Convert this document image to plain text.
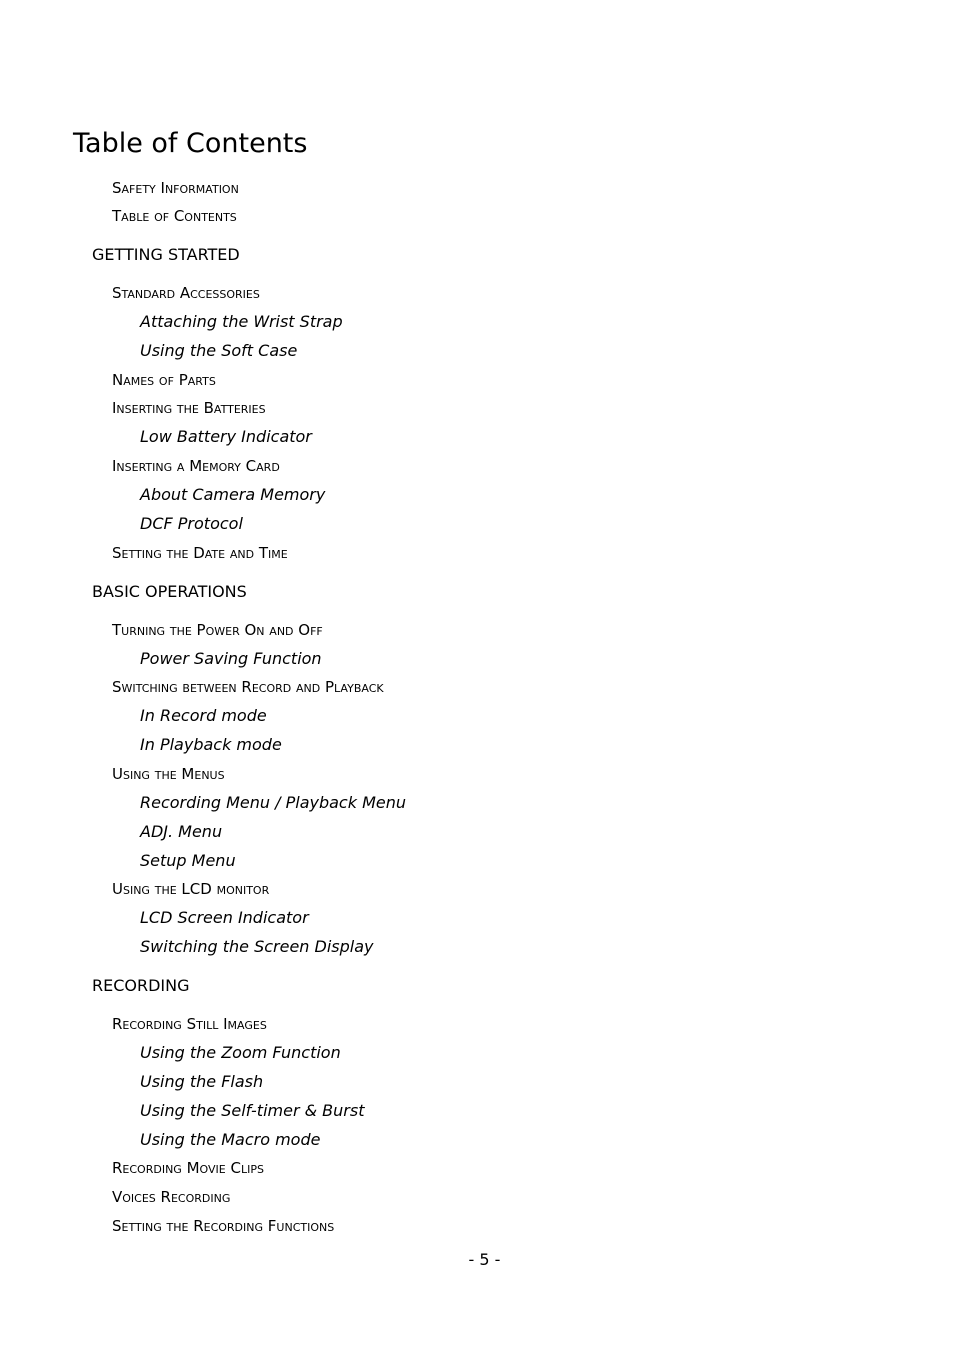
Table of Contents
Safety Information
Table of Contents
GETTING STARTED
Standard Accessories
Attaching the Wrist Strap
Using the Soft Case
Names of Parts
Inserting the Batteries
Low Battery Indicator
Inserting a Memory Card
About Camera Memory
DCF Protocol
Setting the Date and Time
BASIC OPERATIONS
Turning the Power On and Off
Power Saving Function
Switching between Record and Playback
In Record mode
In Playback mode
Using the Menus
Recording Menu / Playback Menu
ADJ. Menu
Setup Menu
Using the LCD monitor
LCD Screen Indicator
Switching the Screen Display
RECORDING
Recording Still Images
Using the Zoom Function
Using the Flash
Using the Self-timer & Burst
Using the Macro mode
Recording Movie Clips
Voices Recording
Setting the Recording Functions
- 5 -
